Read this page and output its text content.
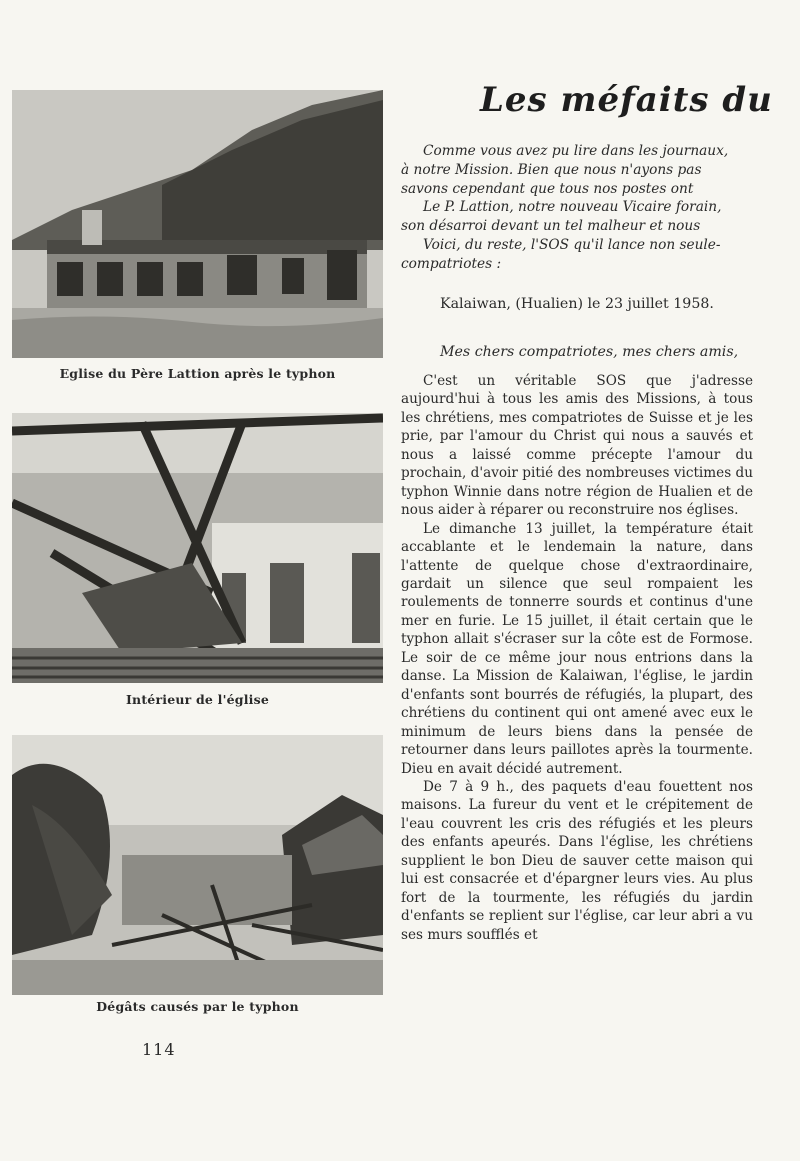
Eglise du Père Lattion après le typhon
Intérieur de l'église
Dégâts causés par le typhon
Les méfaits du
Comme vous avez pu lire dans les journaux,
à notre Mission. Bien que nous n'ayons pas
savons cependant que tous nos postes ont
Le P. Lattion, notre nouveau Vicaire forain,
son désarroi devant un tel malheur et nous
Voici, du reste, l'SOS qu'il lance non seule-
compatriotes :
Kalaiwan, (Hualien) le 23 juillet 1958.
Mes chers compatriotes, mes chers amis,

C'est un véritable SOS que j'adresse aujourd'hui à tous les amis des Missions, à tous les chrétiens, mes compatriotes de Suisse et je les prie, par l'amour du Christ qui nous a sauvés et nous a laissé comme précepte l'amour du prochain, d'avoir pitié des nombreuses victimes du typhon Winnie dans notre région de Hualien et de nous aider à réparer ou reconstruire nos églises.

Le dimanche 13 juillet, la température était accablante et le lendemain la nature, dans l'attente de quelque chose d'extraordinaire, gardait un silence que seul rompaient les roulements de tonnerre sourds et continus d'une mer en furie. Le 15 juillet, il était certain que le typhon allait s'écraser sur la côte est de Formose. Le soir de ce même jour nous entrions dans la danse. La Mission de Kalaiwan, l'église, le jardin d'enfants sont bourrés de réfugiés, la plupart, des chrétiens du continent qui ont amené avec eux le minimum de leurs biens dans la pensée de retourner dans leurs paillotes après la tourmente. Dieu en avait décidé autrement.

De 7 à 9 h., des paquets d'eau fouettent nos maisons. La fureur du vent et le crépitement de l'eau couvrent les cris des réfugiés et les pleurs des enfants apeurés. Dans l'église, les chrétiens supplient le bon Dieu de sauver cette maison qui lui est consacrée et d'épargner leurs vies. Au plus fort de la tourmente, les réfugiés du jardin d'enfants se replient sur l'église, car leur abri a vu ses murs soufflés et

114
